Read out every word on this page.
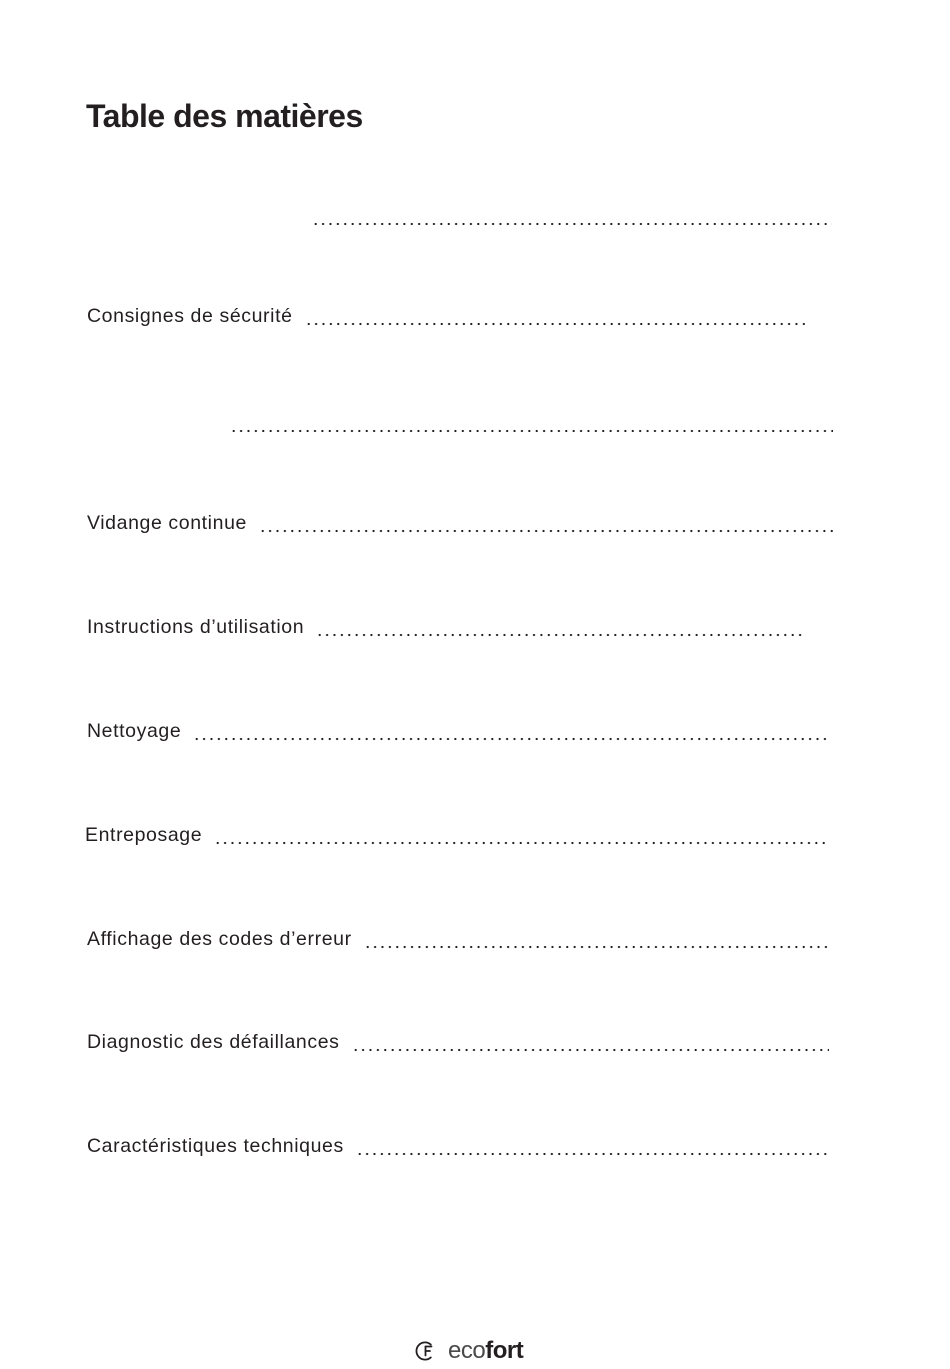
Table des matières
Consignes de sécurité
Vidange continue
Instructions d’utilisation
Nettoyage
Entreposage
Affichage des codes d’erreur
Diagnostic des défaillances
Caractéristiques techniques
ecofort
